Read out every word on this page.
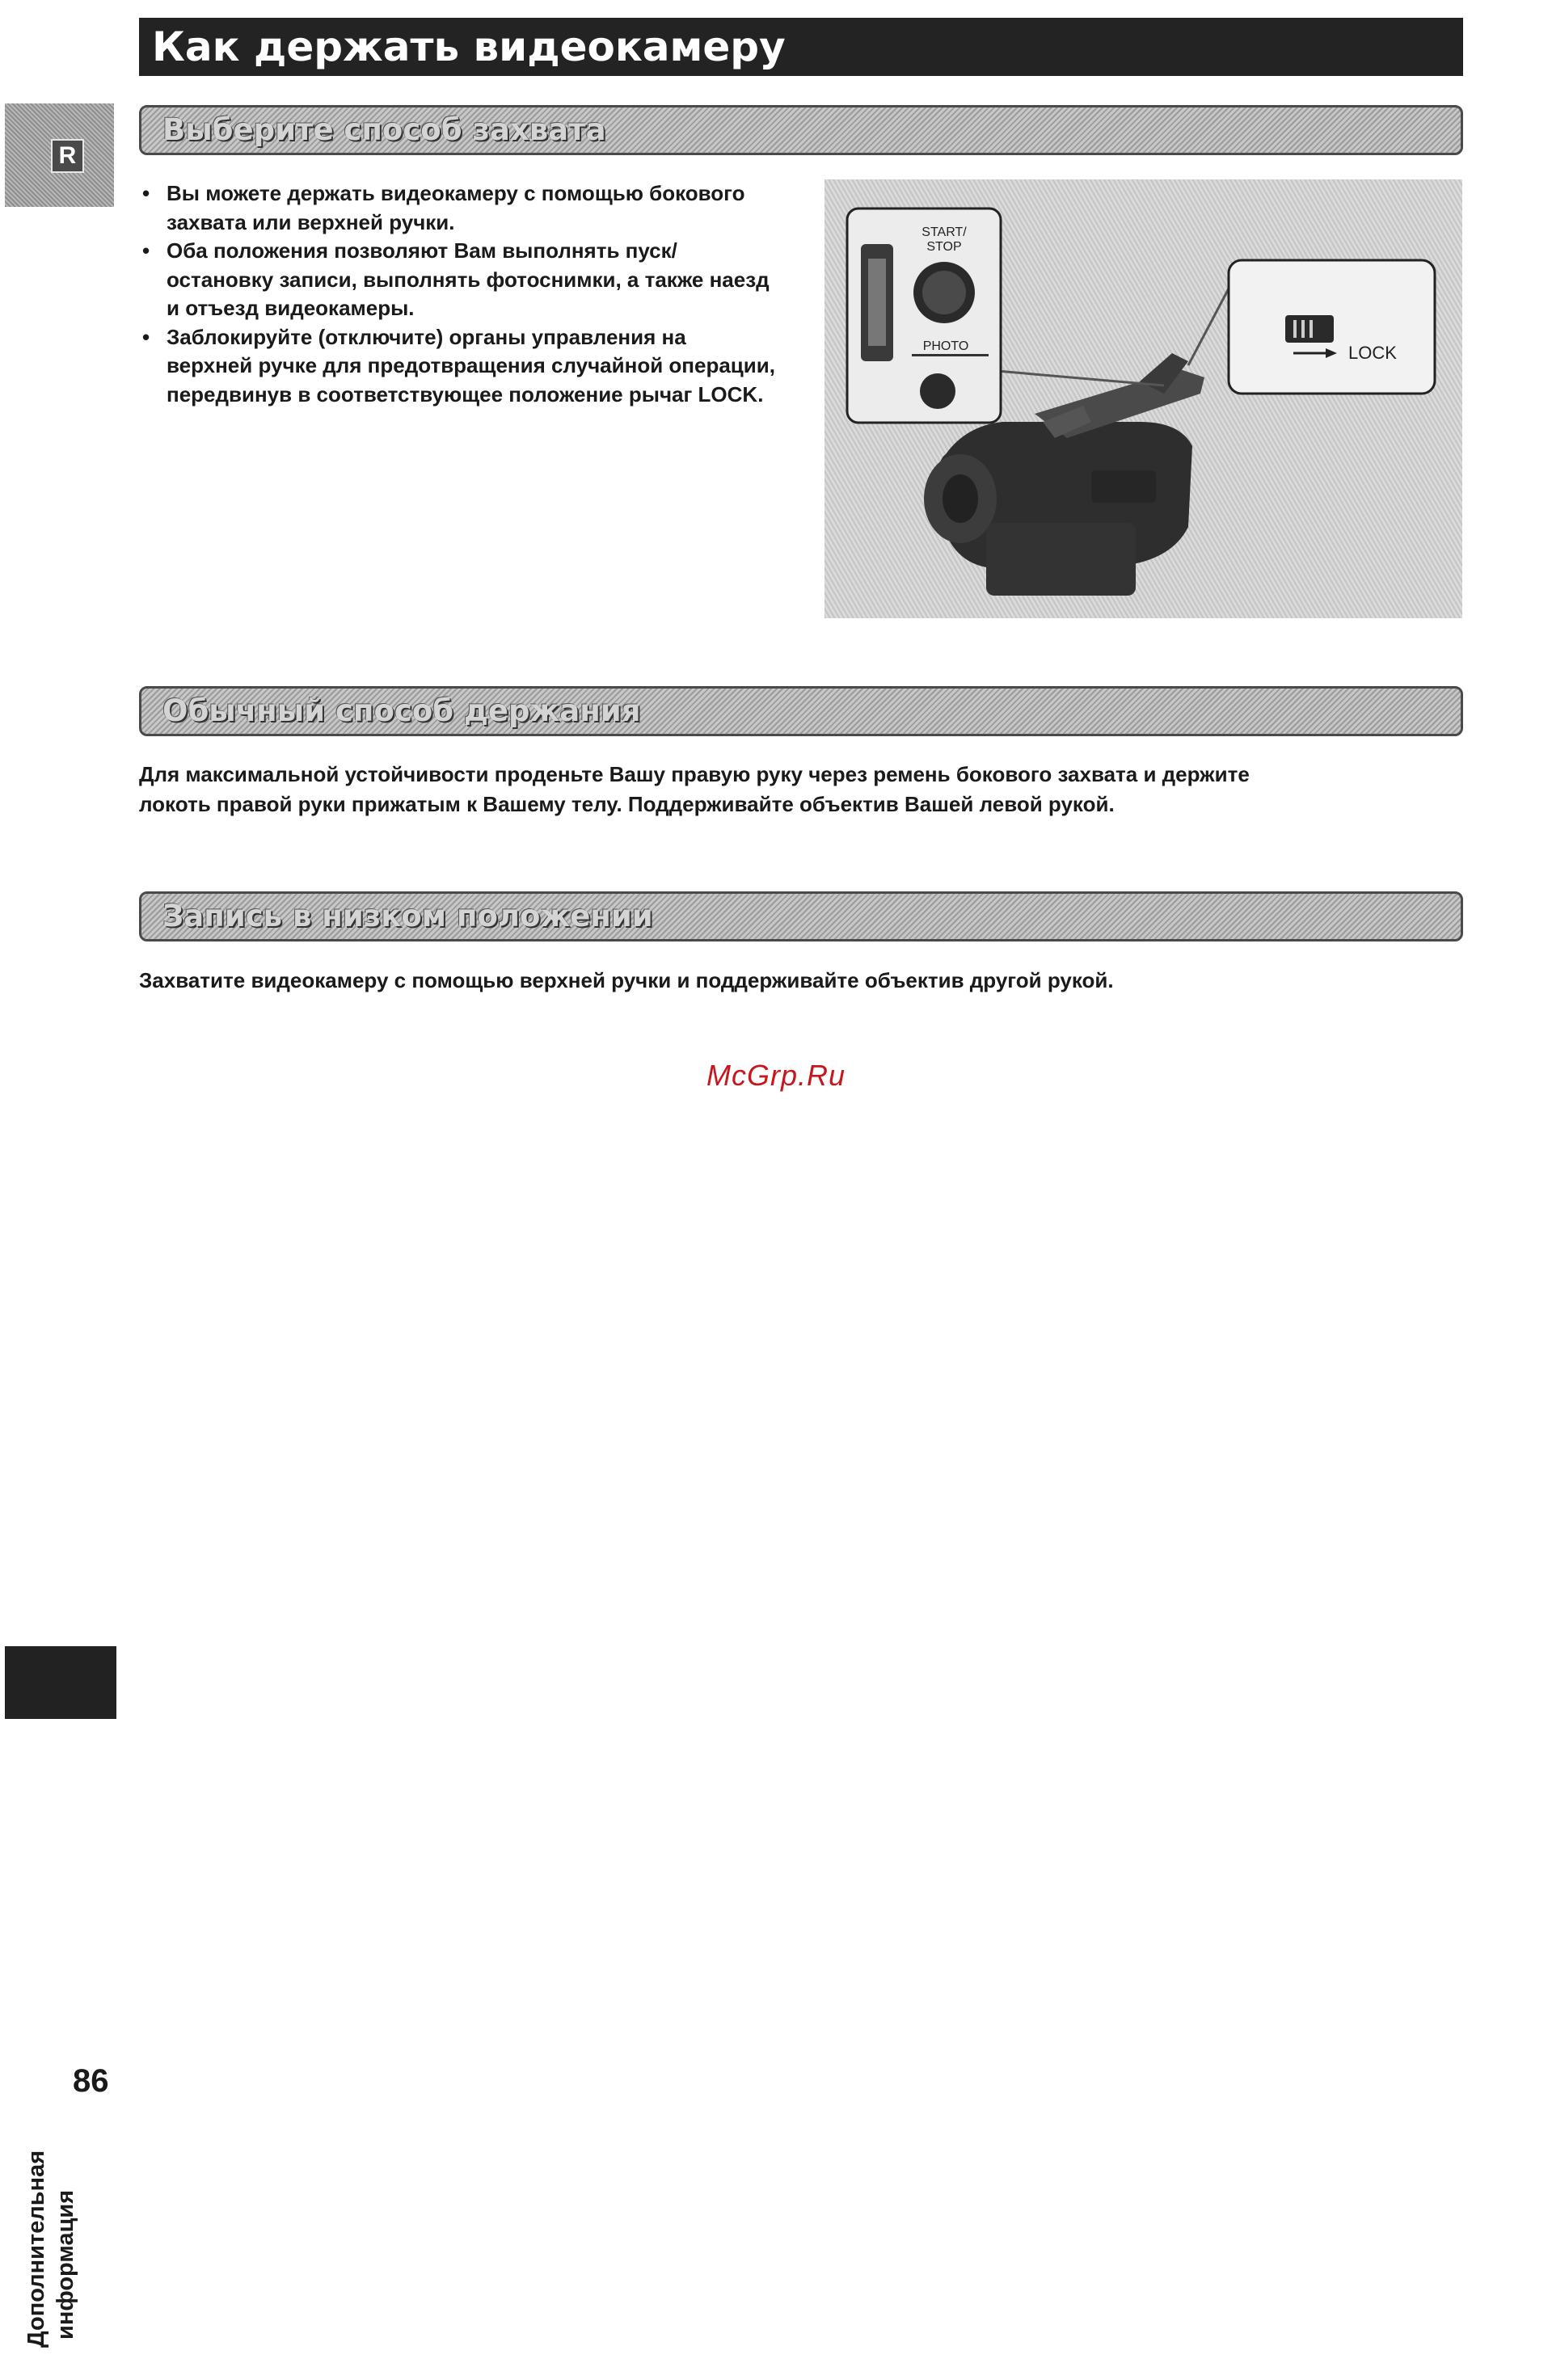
Как держать видеокамеру
R
Выберите способ захвата
• Вы можете держать видеокамеру с помощью бокового захвата или верхней ручки.
• Оба положения позволяют Вам выполнять пуск/остановку записи, выполнять фотоснимки, а также наезд и отъезд видеокамеры.
• Заблокируйте (отключите) органы управления на верхней ручке для предотвращения случайной операции, передвинув в соответствующее положение рычаг LOCK.
START/
STOP
PHOTO	LOCK
Обычный способ держания

Для максимальной устойчивости проденьте Вашу правую руку через ремень бокового захвата и держите
локоть правой руки прижатым к Вашему телу. Поддерживайте объектив Вашей левой рукой.

Запись в низком положении

Захватите видеокамеру с помощью верхней ручки и поддерживайте объектив другой рукой.

McGrp.Ru
Дополнительная информация
86
